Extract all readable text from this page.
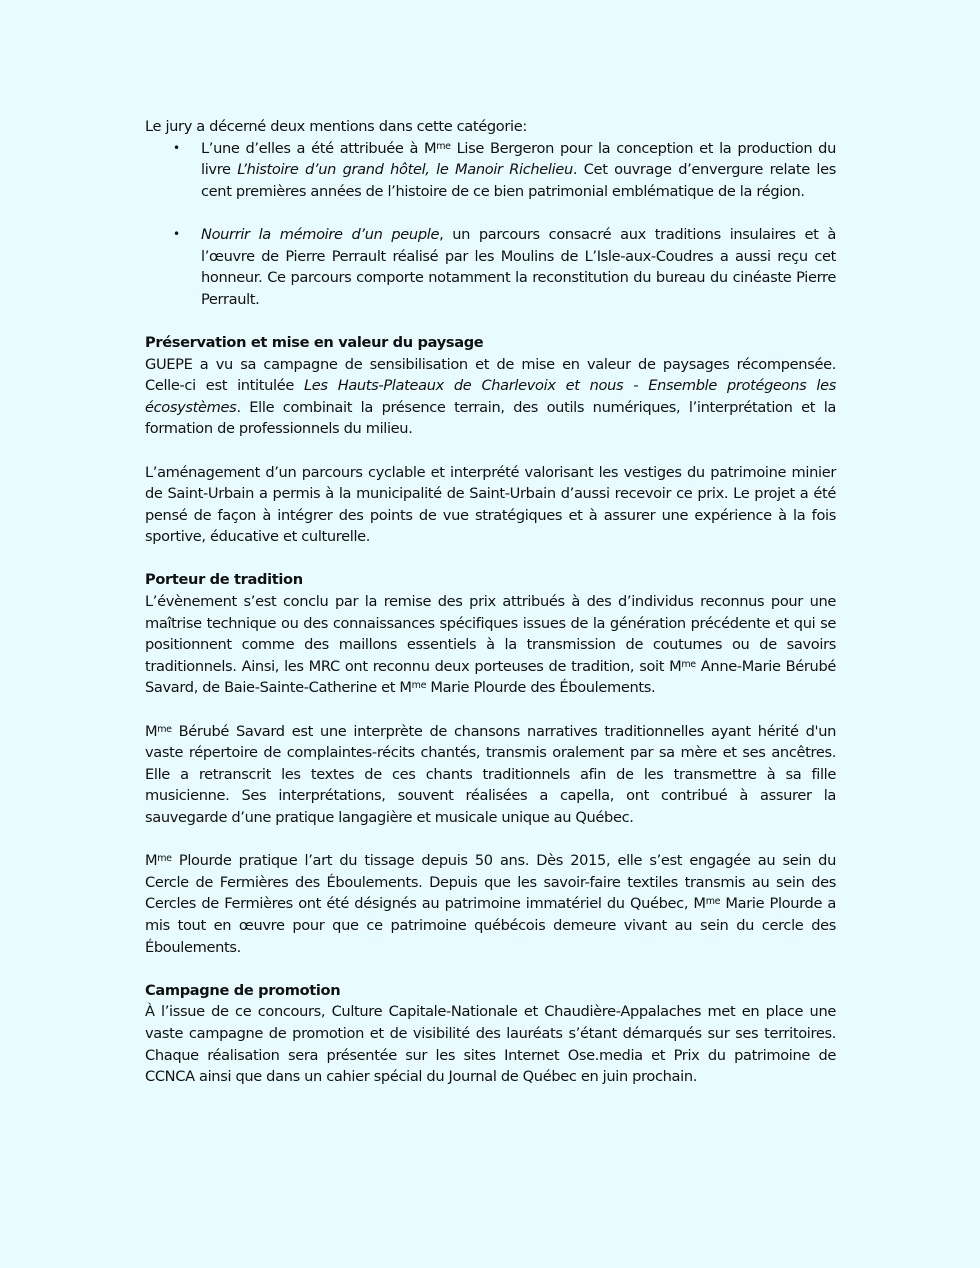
Le jury a décerné deux mentions dans cette catégorie:

• L’une d’elles a été attribuée à $M^{me}$ Lise Bergeron pour la conception et la production du livre L’histoire d’un grand hôtel, le Manoir Richelieu. Cet ouvrage d’envergure relate les cent premières années de l’histoire de ce bien patrimonial emblématique de la région.
• Nourrir la mémoire d’un peuple, un parcours consacré aux traditions insulaires et à l’œuvre de Pierre Perrault réalisé par les Moulins de L’Isle-aux-Coudres a aussi reçu cet honneur. Ce parcours comporte notamment la reconstitution du bureau du cinéaste Pierre Perrault.
Préservation et mise en valeur du paysage

GUEPE a vu sa campagne de sensibilisation et de mise en valeur de paysages récompensée. Celle-ci est intitulée Les Hauts-Plateaux de Charlevoix et nous - Ensemble protégeons les écosystèmes. Elle combinait la présence terrain, des outils numériques, l’interprétation et la formation de professionnels du milieu.

L’aménagement d’un parcours cyclable et interprété valorisant les vestiges du patrimoine minier de Saint-Urbain a permis à la municipalité de Saint-Urbain d’aussi recevoir ce prix. Le projet a été pensé de façon à intégrer des points de vue stratégiques et à assurer une expérience à la fois sportive, éducative et culturelle.

Porteur de tradition

L’évènement s’est conclu par la remise des prix attribués à des d’individus reconnus pour une maîtrise technique ou des connaissances spécifiques issues de la génération précédente et qui se positionnent comme des maillons essentiels à la transmission de coutumes ou de savoirs traditionnels. Ainsi, les MRC ont reconnu deux porteuses de tradition, soit $M^{me}$ Anne-Marie Bérubé Savard, de Baie-Sainte-Catherine et $M^{me}$ Marie Plourde des Éboulements.

$M^{me}$ Bérubé Savard est une interprète de chansons narratives traditionnelles ayant hérité d'un vaste répertoire de complaintes-récits chantés, transmis oralement par sa mère et ses ancêtres. Elle a retranscrit les textes de ces chants traditionnels afin de les transmettre à sa fille musicienne. Ses interprétations, souvent réalisées a capella, ont contribué à assurer la sauvegarde d’une pratique langagière et musicale unique au Québec.

$M^{me}$ Plourde pratique l’art du tissage depuis 50 ans. Dès 2015, elle s’est engagée au sein du Cercle de Fermières des Éboulements. Depuis que les savoir-faire textiles transmis au sein des Cercles de Fermières ont été désignés au patrimoine immatériel du Québec, $M^{me}$ Marie Plourde a mis tout en œuvre pour que ce patrimoine québécois demeure vivant au sein du cercle des Éboulements.

Campagne de promotion

À l’issue de ce concours, Culture Capitale-Nationale et Chaudière-Appalaches met en place une vaste campagne de promotion et de visibilité des lauréats s’étant démarqués sur ses territoires. Chaque réalisation sera présentée sur les sites Internet Ose.media et Prix du patrimoine de CCNCA ainsi que dans un cahier spécial du Journal de Québec en juin prochain.
